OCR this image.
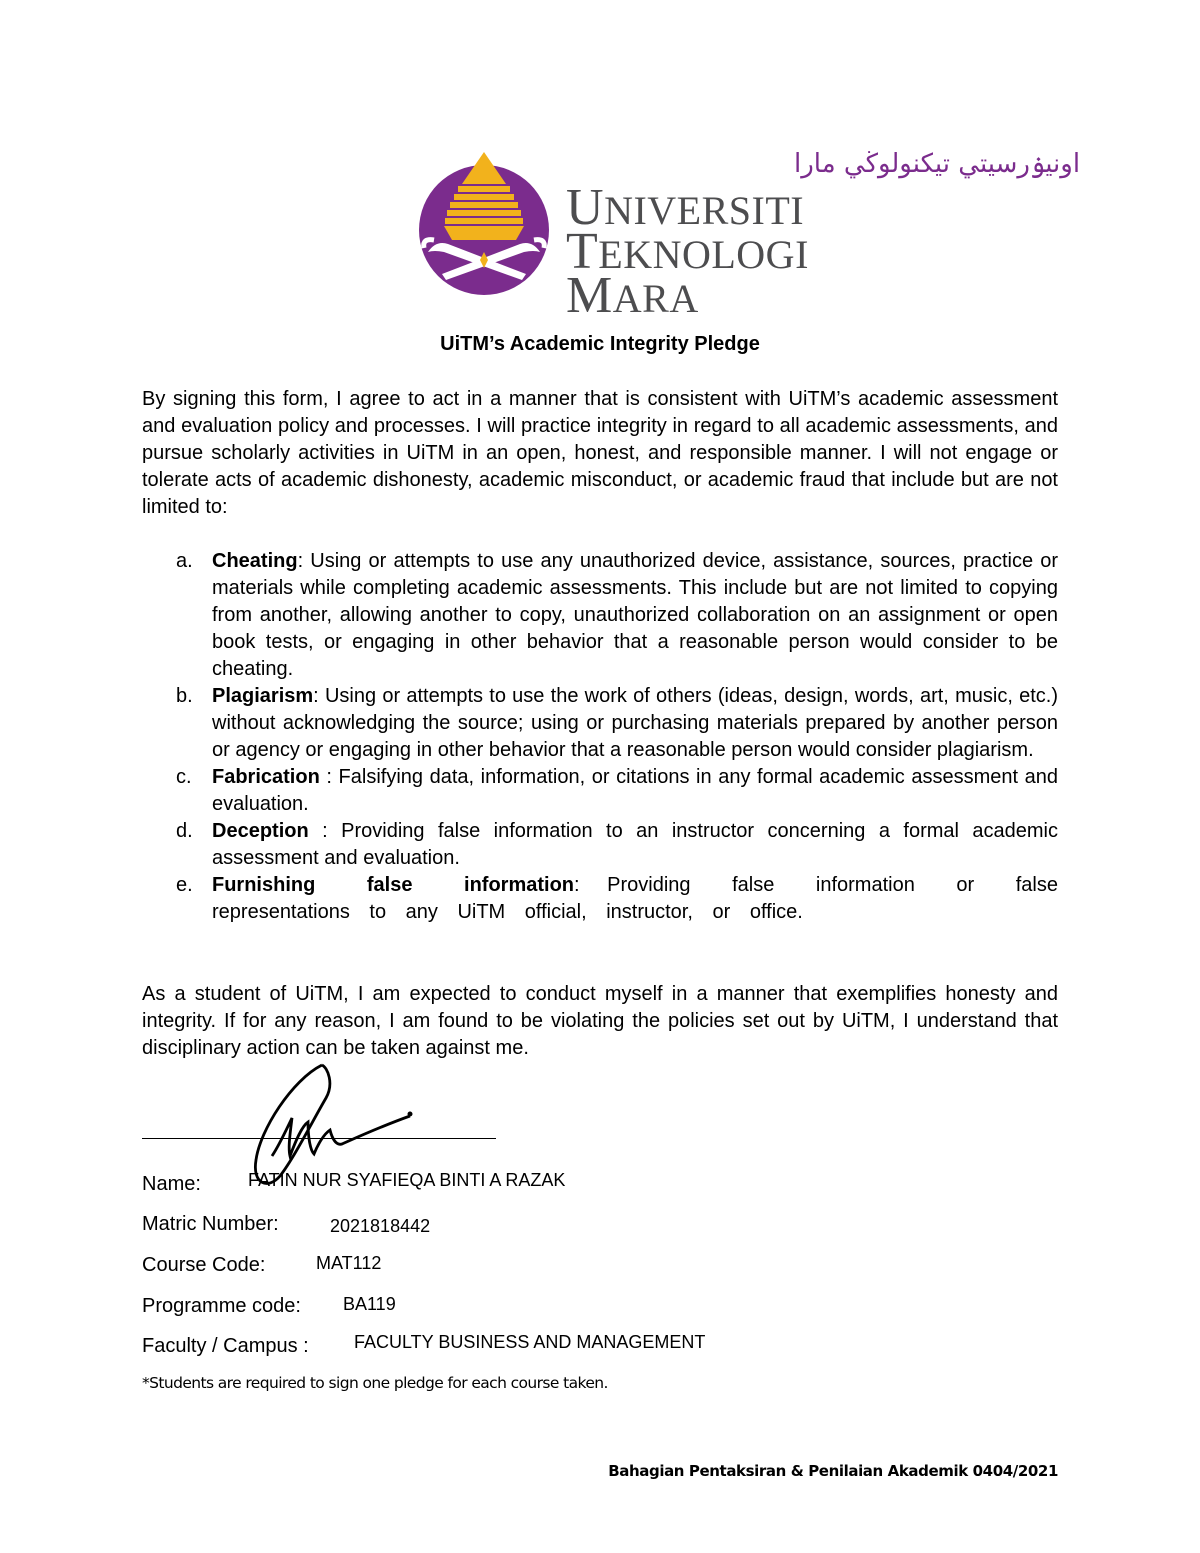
اونيۏرسيتي تيكنولوڬي مارا
UNIVERSITI
TEKNOLOGI
MARA
UiTM’s Academic Integrity Pledge
By signing this form, I agree to act in a manner that is consistent with UiTM’s academic assessment and evaluation policy and processes. I will practice integrity in regard to all academic assessments, and pursue scholarly activities in UiTM in an open, honest, and responsible manner. I will not engage or tolerate acts of academic dishonesty, academic misconduct, or academic fraud that include but are not limited to:
a. Cheating: Using or attempts to use any unauthorized device, assistance, sources, practice or materials while completing academic assessments. This include but are not limited to copying from another, allowing another to copy, unauthorized collaboration on an assignment or open book tests, or engaging in other behavior that a reasonable person would consider to be cheating.
b. Plagiarism: Using or attempts to use the work of others (ideas, design, words, art, music, etc.) without acknowledging the source; using or purchasing materials prepared by another person or agency or engaging in other behavior that a reasonable person would consider plagiarism.
c. Fabrication : Falsifying data, information, or citations in any formal academic assessment and evaluation.
d. Deception : Providing false information to an instructor concerning a formal academic assessment and evaluation.
e. Furnishing false information: Providing false information or false representations to any UiTM official, instructor, or office.
As a student of UiTM, I am expected to conduct myself in a manner that exemplifies honesty and integrity. If for any reason, I am found to be violating the policies set out by UiTM, I understand that disciplinary action can be taken against me.
Name:	FATIN NUR SYAFIEQA BINTI A RAZAK
Matric Number:	2021818442
Course Code:	MAT112
Programme code: BA119
Faculty / Campus :	FACULTY BUSINESS AND MANAGEMENT
*Students are required to sign one pledge for each course taken.
Bahagian Pentaksiran & Penilaian Akademik 0404/2021
